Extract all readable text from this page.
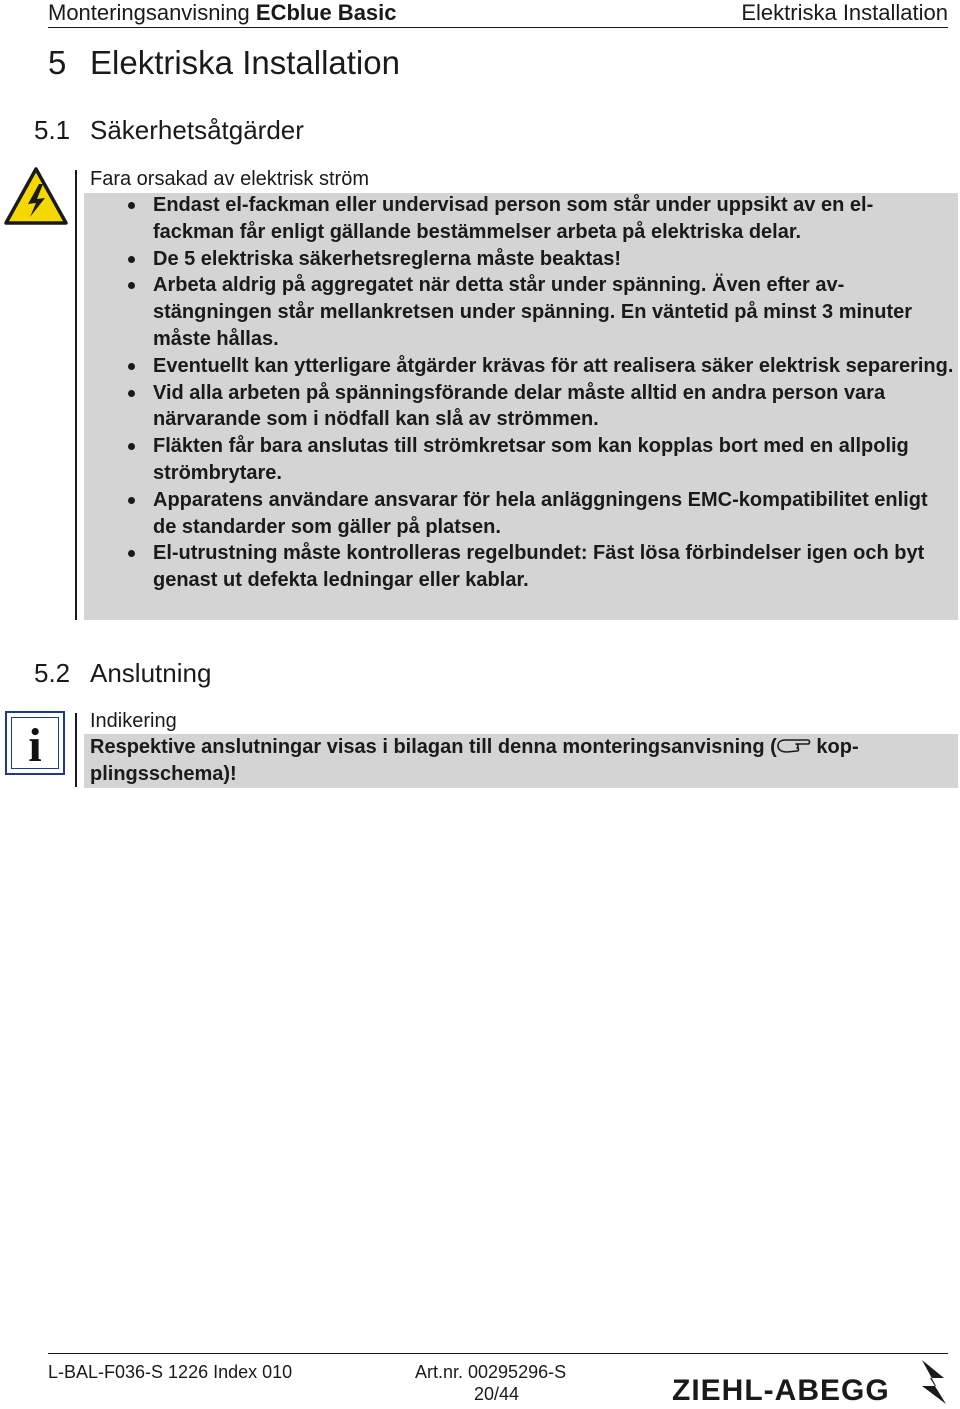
Monteringsanvisning ECblue Basic	Elektriska Installation
5 Elektriska Installation
5.1 Säkerhetsåtgärder
Fara orsakad av elektrisk ström
Endast el-fackman eller undervisad person som står under uppsikt av en el-fackman får enligt gällande bestämmelser arbeta på elektriska delar.
De 5 elektriska säkerhetsreglerna måste beaktas!
Arbeta aldrig på aggregatet när detta står under spänning. Även efter av-stängningen står mellankretsen under spänning. En väntetid på minst 3 minuter måste hållas.
Eventuellt kan ytterligare åtgärder krävas för att realisera säker elektrisk separering.
Vid alla arbeten på spänningsförande delar måste alltid en andra person vara närvarande som i nödfall kan slå av strömmen.
Fläkten får bara anslutas till strömkretsar som kan kopplas bort med en allpolig strömbrytare.
Apparatens användare ansvarar för hela anläggningens EMC-kompatibilitet enligt de standarder som gäller på platsen.
El-utrustning måste kontrolleras regelbundet: Fäst lösa förbindelser igen och byt genast ut defekta ledningar eller kablar.
5.2 Anslutning
i	Indikering
Respektive anslutningar visas i bilagan till denna monteringsanvisning ( kop-plingsschema)!
L-BAL-F036-S 1226 Index 010	Art.nr. 00295296-S
20/44	ZIEHL-ABEGG
